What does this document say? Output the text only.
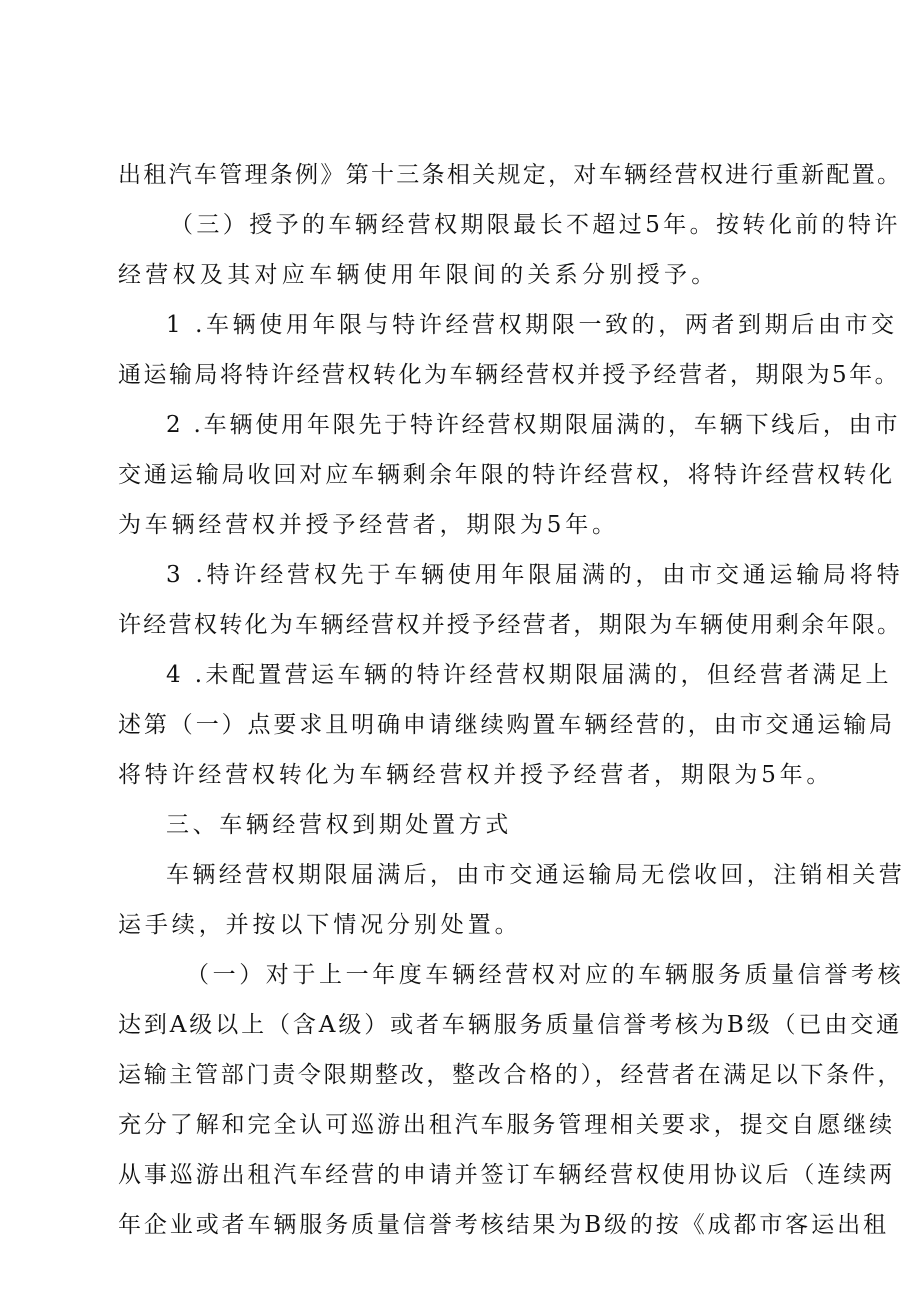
出租汽车管理条例》第十三条相关规定，对车辆经营权进行重新配置。
（三）授予的车辆经营权期限最长不超过5年。按转化前的特许
经营权及其对应车辆使用年限间的关系分别授予。
1 .车辆使用年限与特许经营权期限一致的，两者到期后由市交
通运输局将特许经营权转化为车辆经营权并授予经营者，期限为5年。
2 .车辆使用年限先于特许经营权期限届满的，车辆下线后，由市
交通运输局收回对应车辆剩余年限的特许经营权，将特许经营权转化
为车辆经营权并授予经营者，期限为5年。
3 .特许经营权先于车辆使用年限届满的，由市交通运输局将特
许经营权转化为车辆经营权并授予经营者，期限为车辆使用剩余年限。
4 .未配置营运车辆的特许经营权期限届满的，但经营者满足上
述第（一）点要求且明确申请继续购置车辆经营的，由市交通运输局
将特许经营权转化为车辆经营权并授予经营者，期限为5年。
三、车辆经营权到期处置方式
车辆经营权期限届满后，由市交通运输局无偿收回，注销相关营
运手续，并按以下情况分别处置。
（一）对于上一年度车辆经营权对应的车辆服务质量信誉考核
达到A级以上（含A级）或者车辆服务质量信誉考核为B级（已由交通
运输主管部门责令限期整改，整改合格的），经营者在满足以下条件，
充分了解和完全认可巡游出租汽车服务管理相关要求，提交自愿继续
从事巡游出租汽车经营的申请并签订车辆经营权使用协议后（连续两
年企业或者车辆服务质量信誉考核结果为B级的按《成都市客运出租
